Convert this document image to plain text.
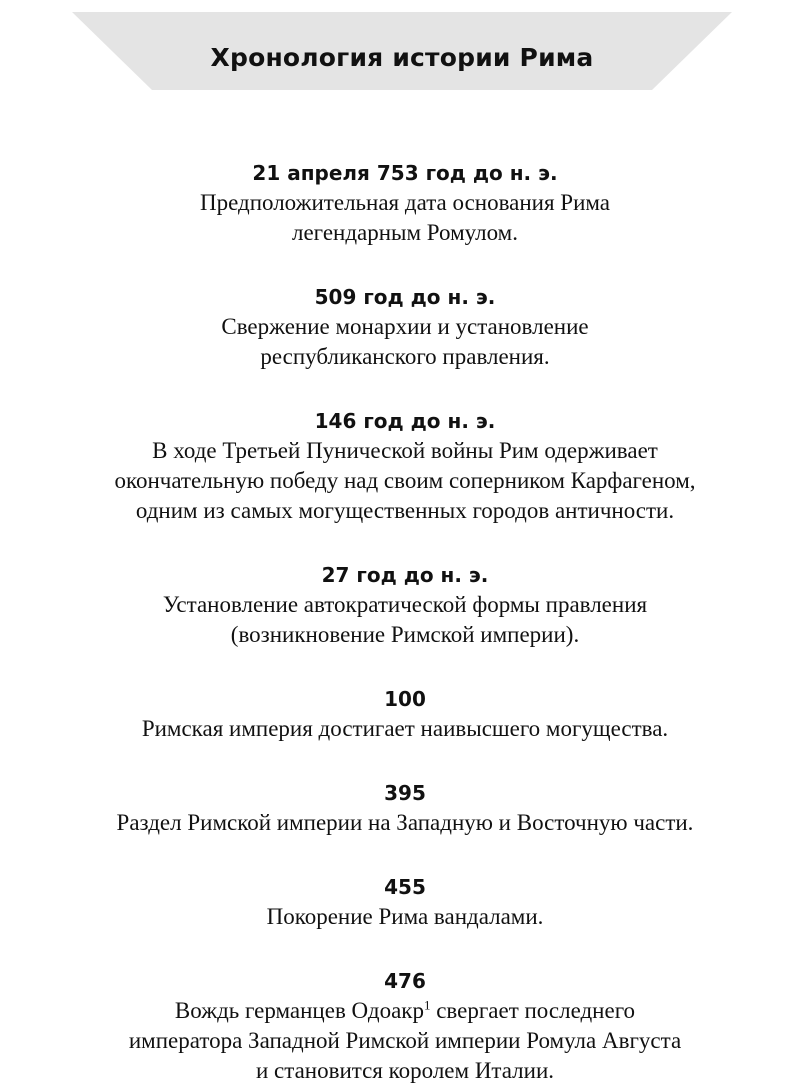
Хронология истории Рима
21 апреля 753 год до н. э.
Предположительная дата основания Рима
легендарным Ромулом.
509 год до н. э.
Свержение монархии и установление
республиканского правления.
146 год до н. э.
В ходе Третьей Пунической войны Рим одерживает
окончательную победу над своим соперником Карфагеном,
одним из самых могущественных городов античности.
27 год до н. э.
Установление автократической формы правления
(возникновение Римской империи).
100
Римская империя достигает наивысшего могущества.
395
Раздел Римской империи на Западную и Восточную части.
455
Покорение Рима вандалами.
476
Вождь германцев Одоакр$^1$ свергает последнего
императора Западной Римской империи Ромула Августа
и становится королем Италии.
